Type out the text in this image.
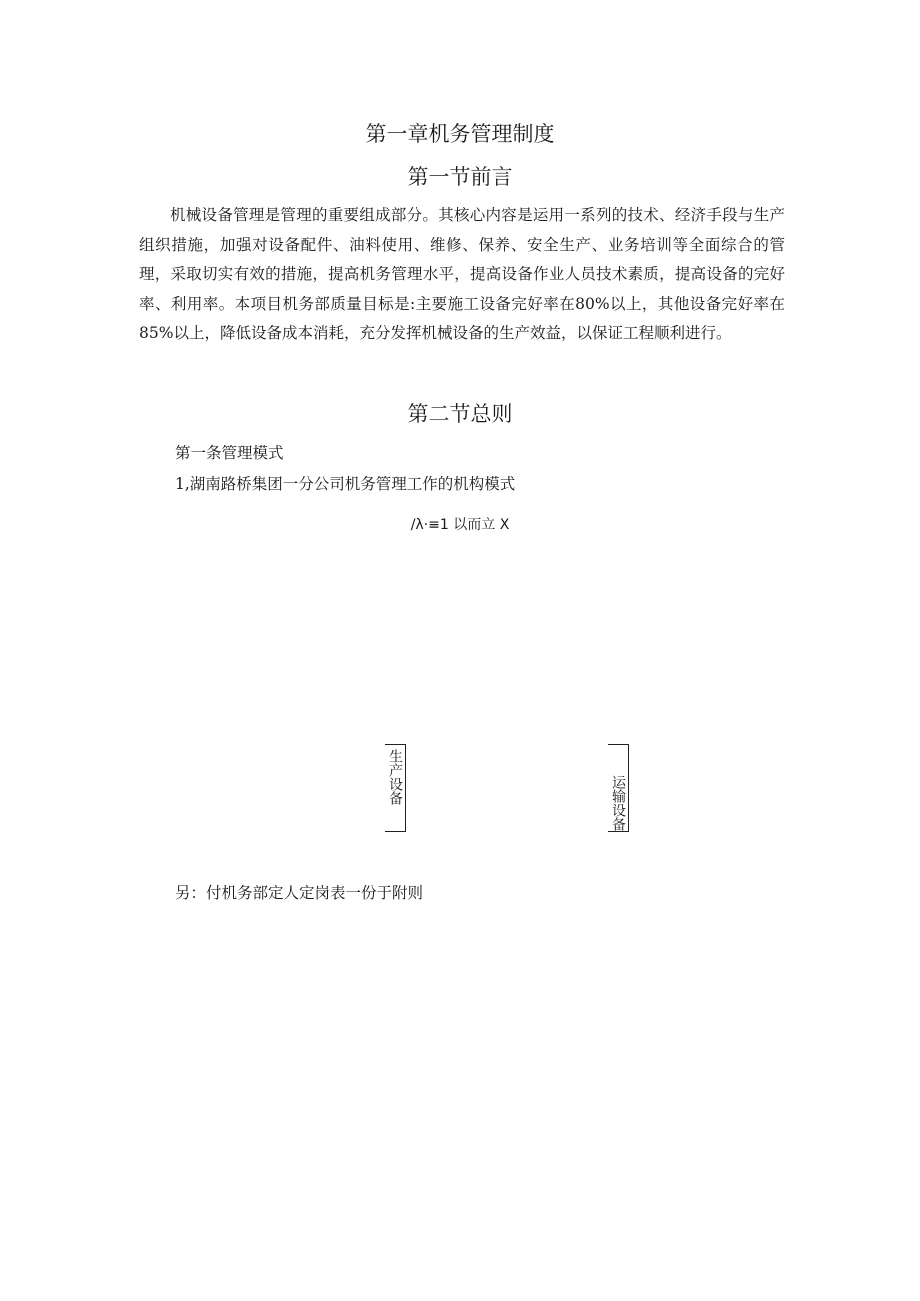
第一章机务管理制度
第一节前言

机械设备管理是管理的重要组成部分。其核心内容是运用一系列的技术、经济手段与生产组织措施，加强对设备配件、油料使用、维修、保养、安全生产、业务培训等全面综合的管理，采取切实有效的措施，提高机务管理水平，提高设备作业人员技术素质，提高设备的完好率、利用率。本项目机务部质量目标是:主要施工设备完好率在80%以上，其他设备完好率在85%以上，降低设备成本消耗，充分发挥机械设备的生产效益，以保证工程顺利进行。

第二节总则

第一条管理模式

1,湖南路桥集团一分公司机务管理工作的机构模式

/λ·≡1 以而立 X
生产设备	运输设备

另：付机务部定人定岗表一份于附则
